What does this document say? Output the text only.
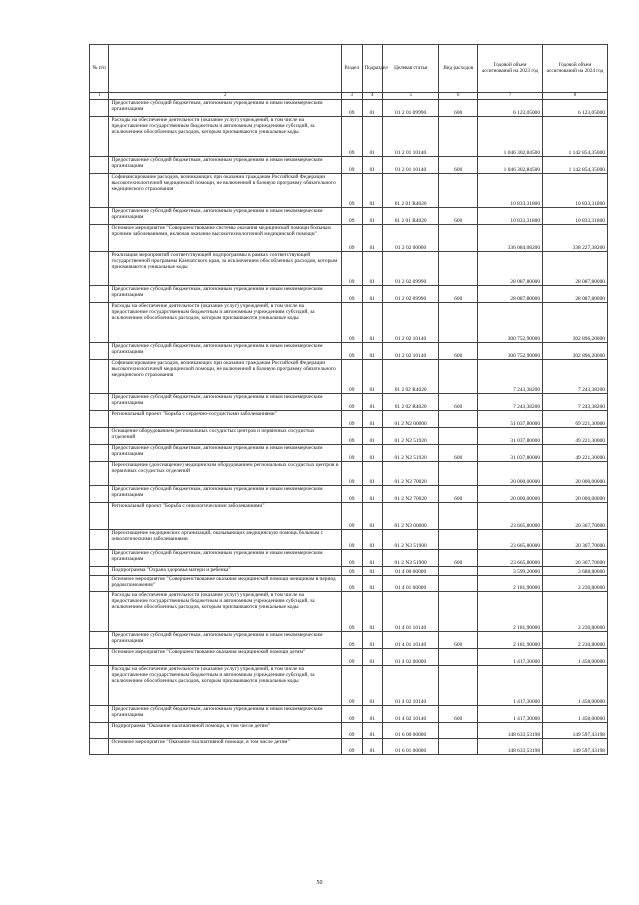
№ п/п		Раздел	Подраздел	Целевая статья	Вид расходов	Годовой объем ассигнований на 2023 год	Годовой объем ассигнований на 2024 год
1	2	3	4	5	6	7	8
	Предоставление субсидий бюджетным, автономным учреждениям и иным некоммерческим организациям	09	01	01 2 01 09990	600	6 123,05000	6 123,05000
	Расходы на обеспечение деятельности (оказание услуг) учреждений, в том числе на предоставление государственным бюджетным и автономным учреждениям субсидий, за исключением обособленных расходов, которым присваиваются уникальные коды	09	01	01 2 01 10140		1 046 302,84500	1 142 854,35000
	Предоставление субсидий бюджетным, автономным учреждениям и иным некоммерческим организациям	09	01	01 2 01 10140	600	1 046 302,84500	1 142 854,35000
	Софинансирование расходов, возникающих при оказании гражданам Российской Федерации высокотехнологичной медицинской помощи, не включенной в базовую программу обязательного медицинского страхования	09	01	01 2 01 R4020		10 833,31800	10 833,31800
	Предоставление субсидий бюджетным, автономным учреждениям и иным некоммерческим организациям	09	01	01 2 01 R4020	600	10 833,31800	10 833,31800
	Основное мероприятие "Совершенствование системы оказания медицинской помощи больным прочими заболеваниями, включая оказание высокотехнологичной медицинской помощи"	09	01	01 2 02 00000		336 084,08200	338 227,38200
	Реализация мероприятий соответствующей подпрограммы в рамках соответствующей государственной программы Камчатского края, за исключением обособленных расходов, которым присваиваются уникальные коды	09	01	01 2 02 09990		28 087,80000	28 087,80000
	Предоставление субсидий бюджетным, автономным учреждениям и иным некоммерческим организациям	09	01	01 2 02 09990	600	28 087,80000	28 087,80000
	Расходы на обеспечение деятельности (оказание услуг) учреждений, в том числе на предоставление государственным бюджетным и автономным учреждениям субсидий, за исключением обособленных расходов, которым присваиваются уникальные коды	09	01	01 2 02 10140		300 752,90000	302 896,20000
	Предоставление субсидий бюджетным, автономным учреждениям и иным некоммерческим организациям	09	01	01 2 02 10140	600	300 752,90000	302 896,20000
	Софинансирование расходов, возникающих при оказании гражданам Российской Федерации высокотехнологичной медицинской помощи, не включенной в базовую программу обязательного медицинского страхования	09	01	01 2 02 R4020		7 243,38200	7 243,38200
	Предоставление субсидий бюджетным, автономным учреждениям и иным некоммерческим организациям	09	01	01 2 02 R4020	600	7 243,38200	7 243,38200
	Региональный проект "Борьба с сердечно-сосудистыми заболеваниями"	09	01	01 2 N2 00000		51 037,80000	69 221,30000
	Оснащение оборудованием региональных сосудистых центров и первичных сосудистых отделений	09	01	01 2 N2 51920		31 037,80000	49 221,30000
	Предоставление субсидий бюджетным, автономным учреждениям и иным некоммерческим организациям	09	01	01 2 N2 51920	600	31 037,80000	49 221,30000
	Переоснащение (дооснащение) медицинским оборудованием региональных сосудистых центров и первичных сосудистых отделений	09	01	01 2 N2 70020		20 000,00000	20 000,00000
	Предоставление субсидий бюджетным, автономным учреждениям и иным некоммерческим организациям	09	01	01 2 N2 70020	600	20 000,00000	20 000,00000
	Региональный проект "Борьба с онкологическими заболеваниями"	09	01	01 2 N3 00000		23 665,80000	20 367,70000
	Переоснащение медицинских организаций, оказывающих медицинскую помощь больным с онкологическими заболеваниями	09	01	01 2 N3 51900		23 665,80000	20 367,70000
	Предоставление субсидий бюджетным, автономным учреждениям и иным некоммерческим организациям	09	01	01 2 N3 51900	600	23 665,80000	20 367,70000
	Подпрограмма "Охрана здоровья матери и ребенка"	09	01	01 4 00 00000		3 599,20000	3 688,80000
	Основное мероприятие "Совершенствование оказания медицинской помощи женщинам в период родовспоможения"	09	01	01 4 01 00000		2 181,90000	2 230,80000
	Расходы на обеспечение деятельности (оказание услуг) учреждений, в том числе на предоставление государственным бюджетным и автономным учреждениям субсидий, за исключением обособленных расходов, которым присваиваются уникальные коды	09	01	01 4 01 10140		2 181,90000	2 230,80000
	Предоставление субсидий бюджетным, автономным учреждениям и иным некоммерческим организациям	09	01	01 4 01 10140	600	2 181,90000	2 230,80000
	Основное мероприятие "Совершенствование оказания медицинской помощи детям"	09	01	01 4 02 00000		1 417,30000	1 458,00000
	Расходы на обеспечение деятельности (оказание услуг) учреждений, в том числе на предоставление государственным бюджетным и автономным учреждениям субсидий, за исключением обособленных расходов, которым присваиваются уникальные коды	09	01	01 4 02 10140		1 417,30000	1 458,00000
	Предоставление субсидий бюджетным, автономным учреждениям и иным некоммерческим организациям	09	01	01 4 02 10140	600	1 417,30000	1 458,00000
	Подпрограмма "Оказание паллиативной помощи, в том числе детям"	09	01	01 6 00 00000		148 633,53198	149 597,43198
	Основное мероприятие "Оказание паллиативной помощи, в том числе детям"	09	01	01 6 01 00000		148 633,53198	149 597,43198
50
